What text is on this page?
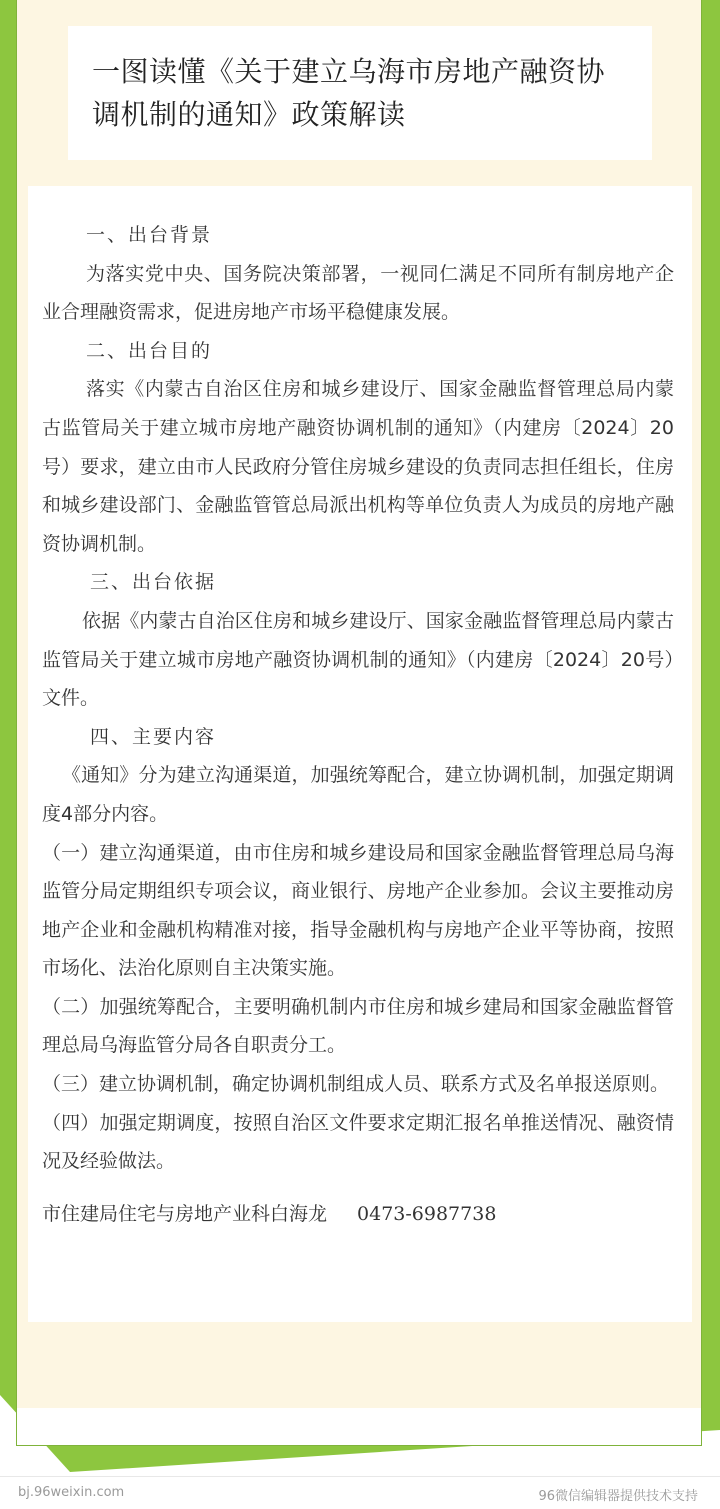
一图读懂《关于建立乌海市房地产融资协调机制的通知》政策解读

一、出台背景

为落实党中央、国务院决策部署，一视同仁满足不同所有制房地产企业合理融资需求，促进房地产市场平稳健康发展。

二、出台目的

落实《内蒙古自治区住房和城乡建设厅、国家金融监督管理总局内蒙古监管局关于建立城市房地产融资协调机制的通知》（内建房〔2024〕20号）要求，建立由市人民政府分管住房城乡建设的负责同志担任组长，住房和城乡建设部门、金融监管管总局派出机构等单位负责人为成员的房地产融资协调机制。

三、出台依据

依据《内蒙古自治区住房和城乡建设厅、国家金融监督管理总局内蒙古监管局关于建立城市房地产融资协调机制的通知》（内建房〔2024〕20号）文件。

四、主要内容

《通知》分为建立沟通渠道，加强统筹配合，建立协调机制，加强定期调度4部分内容。

（一）建立沟通渠道，由市住房和城乡建设局和国家金融监督管理总局乌海监管分局定期组织专项会议，商业银行、房地产企业参加。会议主要推动房地产企业和金融机构精准对接，指导金融机构与房地产企业平等协商，按照市场化、法治化原则自主决策实施。

（二）加强统筹配合，主要明确机制内市住房和城乡建局和国家金融监督管理总局乌海监管分局各自职责分工。

（三）建立协调机制，确定协调机制组成人员、联系方式及名单报送原则。

（四）加强定期调度，按照自治区文件要求定期汇报名单推送情况、融资情况及经验做法。

市住建局住宅与房地产业科白海龙 0473-6987738

bj.96weixin.com	96微信编辑器提供技术支持
